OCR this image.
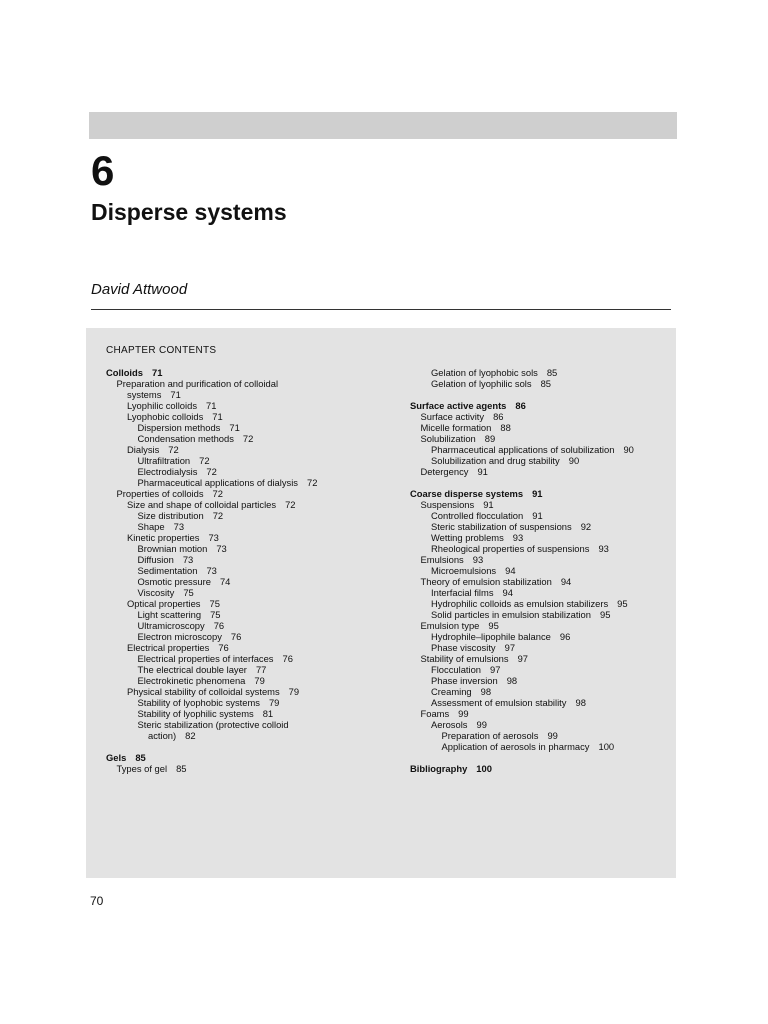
6
Disperse systems
David Attwood
CHAPTER CONTENTS
Colloids 71
Preparation and purification of colloidal
systems 71
Lyophilic colloids 71
Lyophobic colloids 71
Dispersion methods 71
Condensation methods 72
Dialysis 72
Ultrafiltration 72
Electrodialysis 72
Pharmaceutical applications of dialysis 72
Properties of colloids 72
Size and shape of colloidal particles 72
Size distribution 72
Shape 73
Kinetic properties 73
Brownian motion 73
Diffusion 73
Sedimentation 73
Osmotic pressure 74
Viscosity 75
Optical properties 75
Light scattering 75
Ultramicroscopy 76
Electron microscopy 76
Electrical properties 76
Electrical properties of interfaces 76
The electrical double layer 77
Electrokinetic phenomena 79
Physical stability of colloidal systems 79
Stability of lyophobic systems 79
Stability of lyophilic systems 81
Steric stabilization (protective colloid
action) 82
Gels 85
Types of gel 85
Gelation of lyophobic sols 85
Gelation of lyophilic sols 85
Surface active agents 86
Surface activity 86
Micelle formation 88
Solubilization 89
Pharmaceutical applications of solubilization 90
Solubilization and drug stability 90
Detergency 91
Coarse disperse systems 91
Suspensions 91
Controlled flocculation 91
Steric stabilization of suspensions 92
Wetting problems 93
Rheological properties of suspensions 93
Emulsions 93
Microemulsions 94
Theory of emulsion stabilization 94
Interfacial films 94
Hydrophilic colloids as emulsion stabilizers 95
Solid particles in emulsion stabilization 95
Emulsion type 95
Hydrophile–lipophile balance 96
Phase viscosity 97
Stability of emulsions 97
Flocculation 97
Phase inversion 98
Creaming 98
Assessment of emulsion stability 98
Foams 99
Aerosols 99
Preparation of aerosols 99
Application of aerosols in pharmacy 100
Bibliography 100
70
